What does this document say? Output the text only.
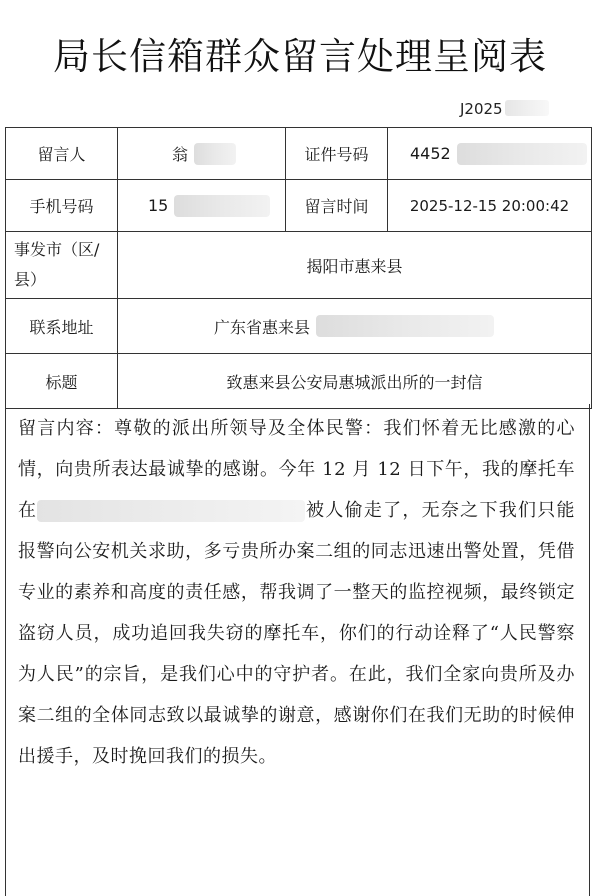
局长信箱群众留言处理呈阅表
J2025
留言人	翁	证件号码	4452

手机号码	15	留言时间	2025-12-15 20:00:42
事发市（区/县）	揭阳市惠来县		
联系地址	广东省惠来县		

标题	致惠来县公安局惠城派出所的一封信		
留言内容：尊敬的派出所领导及全体民警：我们怀着无比感激的心情，向贵所表达最诚挚的感谢。今年 12 月 12 日下午，我的摩托车在	被人偷走了，无奈之下我们只能报警向公安机关求助，多亏贵所办案二组的同志迅速出警处置，凭借专业的素养和高度的责任感，帮我调了一整天的监控视频，最终锁定盗窃人员，成功追回我失窃的摩托车，你们的行动诠释了“人民警察为人民”的宗旨，是我们心中的守护者。在此，我们全家向贵所及办案二组的全体同志致以最诚挚的谢意，感谢你们在我们无助的时候伸出援手，及时挽回我们的损失。
